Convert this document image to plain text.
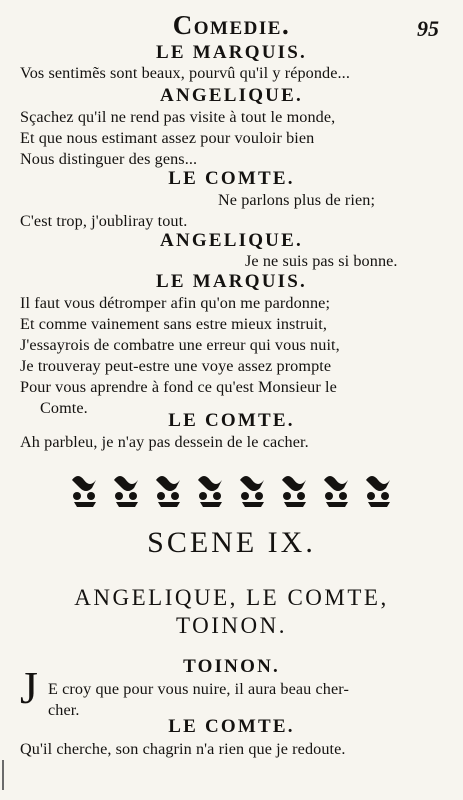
Comedie.	95
LE MARQUIS.
Vos sentimẽs sont beaux, pourvû qu'il y réponde...
ANGELIQUE.
Sçachez qu'il ne rend pas visite à tout le monde,
Et que nous estimant assez pour vouloir bien
Nous distinguer des gens...
LE COMTE.
Ne parlons plus de rien;
C'est trop, j'oubliray tout.
ANGELIQUE.
Je ne suis pas si bonne.
LE MARQUIS.
Il faut vous détromper afin qu'on me pardonne;
Et comme vainement sans estre mieux instruit,
J'essayrois de combatre une erreur qui vous nuit,
Je trouveray peut-estre une voye assez prompte
Pour vous aprendre à fond ce qu'est Monsieur le
Comte.
LE COMTE.
Ah parbleu, je n'ay pas dessein de le cacher.
SCENE IX.
ANGELIQUE, LE COMTE,
TOINON.
TOINON.
J E croy que pour vous nuire, il aura beau cher-
cher.
LE COMTE.
Qu'il cherche, son chagrin n'a rien que je redoute.
